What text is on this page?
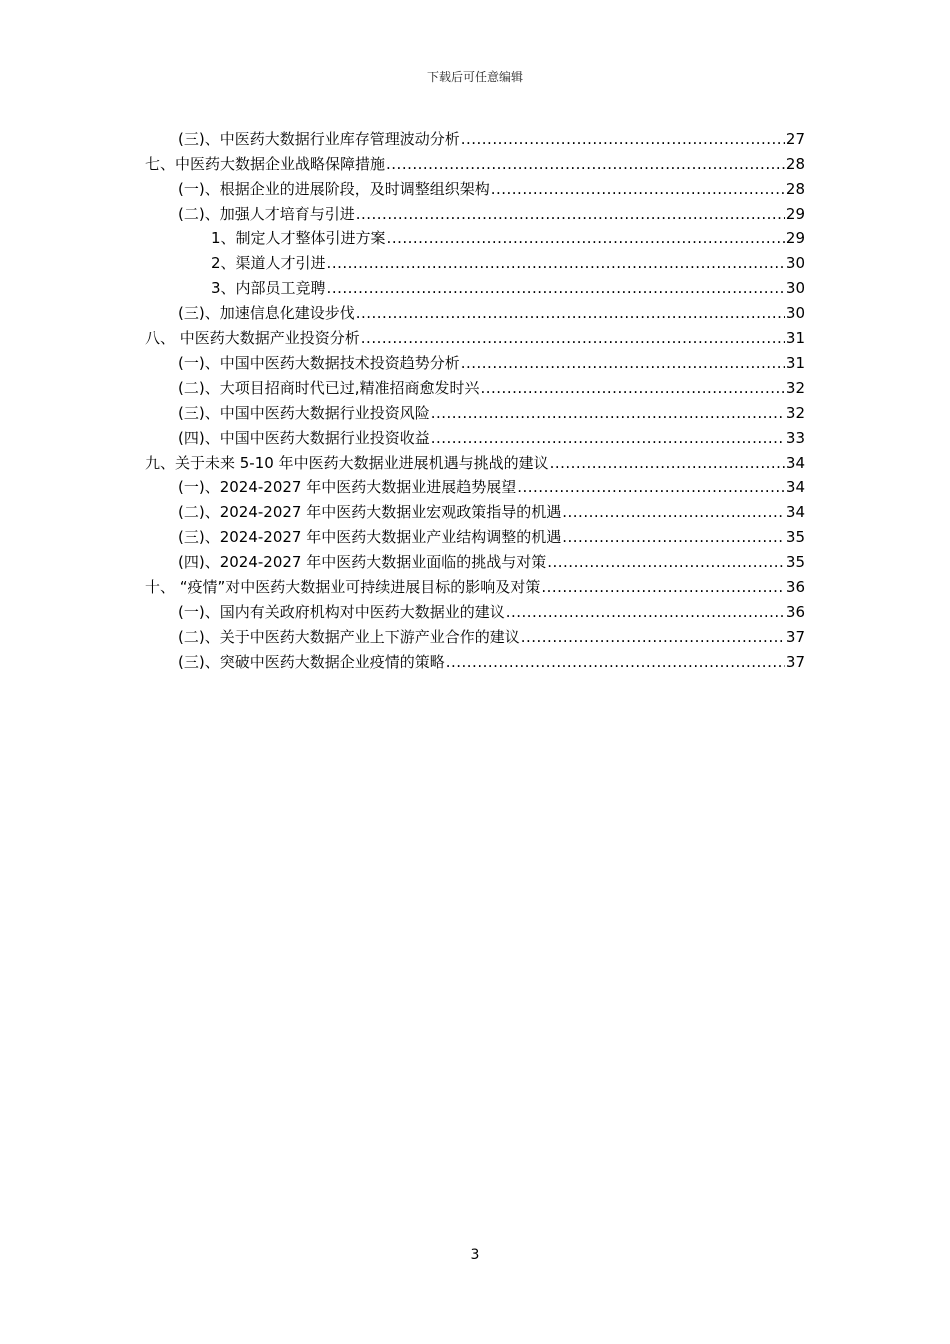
下载后可任意编辑
(三)、中医药大数据行业库存管理波动分析 .....	27
七、中医药大数据企业战略保障措施 .....	28
(一)、根据企业的进展阶段，及时调整组织架构 .....	28
(二)、加强人才培育与引进 .....	29
1、制定人才整体引进方案 .....	29
2、渠道人才引进 .....	30
3、内部员工竞聘 .....	30
(三)、加速信息化建设步伐 .....	30
八、 中医药大数据产业投资分析 .....	31
(一)、中国中医药大数据技术投资趋势分析 .....	31
(二)、大项目招商时代已过,精准招商愈发时兴 .....	32
(三)、中国中医药大数据行业投资风险 .....	32
(四)、中国中医药大数据行业投资收益 .....	33
九、关于未来 5-10 年中医药大数据业进展机遇与挑战的建议 .....	34
(一)、2024-2027 年中医药大数据业进展趋势展望 .....	34
(二)、2024-2027 年中医药大数据业宏观政策指导的机遇 .....	34
(三)、2024-2027 年中医药大数据业产业结构调整的机遇 .....	35
(四)、2024-2027 年中医药大数据业面临的挑战与对策 .....	35
十、 “疫情”对中医药大数据业可持续进展目标的影响及对策 .....	36
(一)、国内有关政府机构对中医药大数据业的建议 .....	36
(二)、关于中医药大数据产业上下游产业合作的建议 .....	37
(三)、突破中医药大数据企业疫情的策略 .....	37
3
